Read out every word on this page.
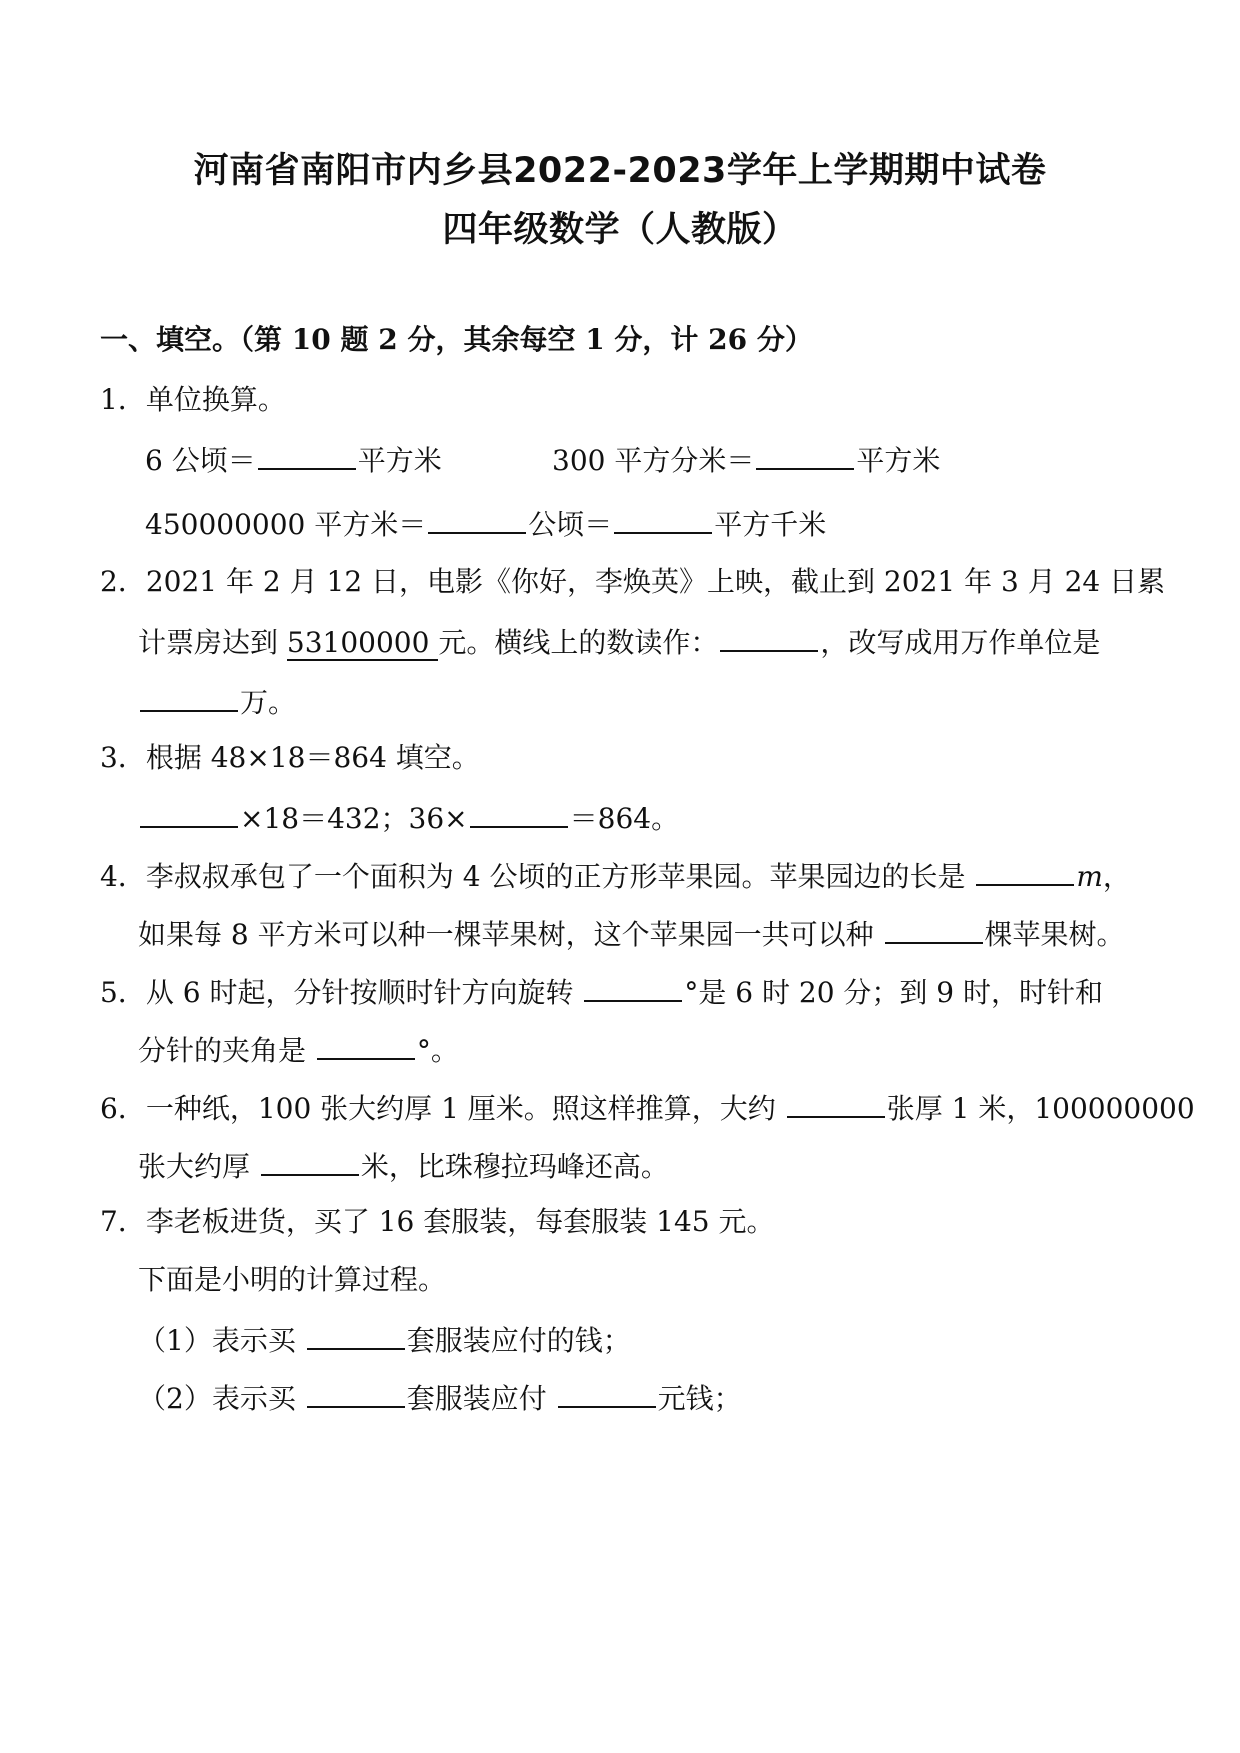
河南省南阳市内乡县2022-2023学年上学期期中试卷
四年级数学（人教版）
一、填空。（第 10 题 2 分，其余每空 1 分，计 26 分）
1．单位换算。
6 公顷＝	平方米	300 平方分米＝	平方米
450000000 平方米＝	公顷＝	平方千米
2．2021 年 2 月 12 日，电影《你好，李焕英》上映，截止到 2021 年 3 月 24 日累
计票房达到 53100000 元。横线上的数读作：	，改写成用万作单位是
万。
3．根据 48×18＝864 填空。
×18＝432；36×	＝864。
4．李叔叔承包了一个面积为 4 公顷的正方形苹果园。苹果园边的长是	m，
如果每 8 平方米可以种一棵苹果树，这个苹果园一共可以种	棵苹果树。
5．从 6 时起，分针按顺时针方向旋转	°是 6 时 20 分；到 9 时，时针和
分针的夹角是	°。
6．一种纸，100 张大约厚 1 厘米。照这样推算，大约	张厚 1 米，100000000
张大约厚	米，比珠穆拉玛峰还高。
7．李老板进货，买了 16 套服装，每套服装 145 元。
下面是小明的计算过程。
（1）表示买	套服装应付的钱；
（2）表示买	套服装应付	元钱；
